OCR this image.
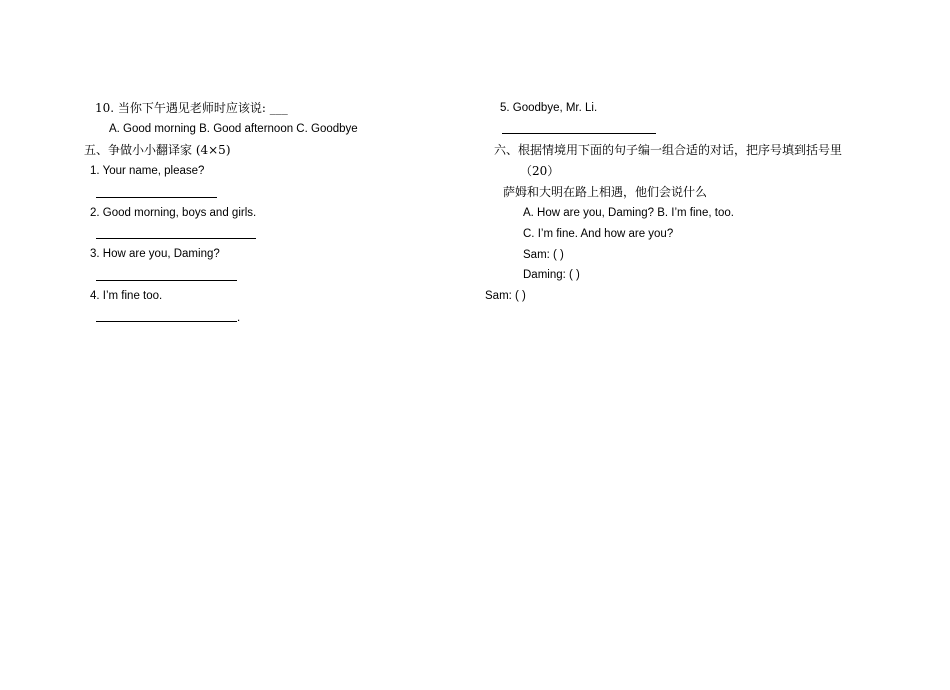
10. 当你下午遇见老师时应该说: ___
A. Good morning B. Good afternoon C. Goodbye
五、争做小小翻译家 (4×5)
1. Your name, please?
2. Good morning, boys and girls.
3. How are you, Daming?
4. I’m fine too.
.
5. Goodbye, Mr. Li.
六、根据情境用下面的句子编一组合适的对话，把序号填到括号里
（20）
萨姆和大明在路上相遇，他们会说什么
A. How are you, Daming? B. I’m fine, too.
C. I’m fine. And how are you?
Sam: ( )
Daming: ( )
Sam: ( )
